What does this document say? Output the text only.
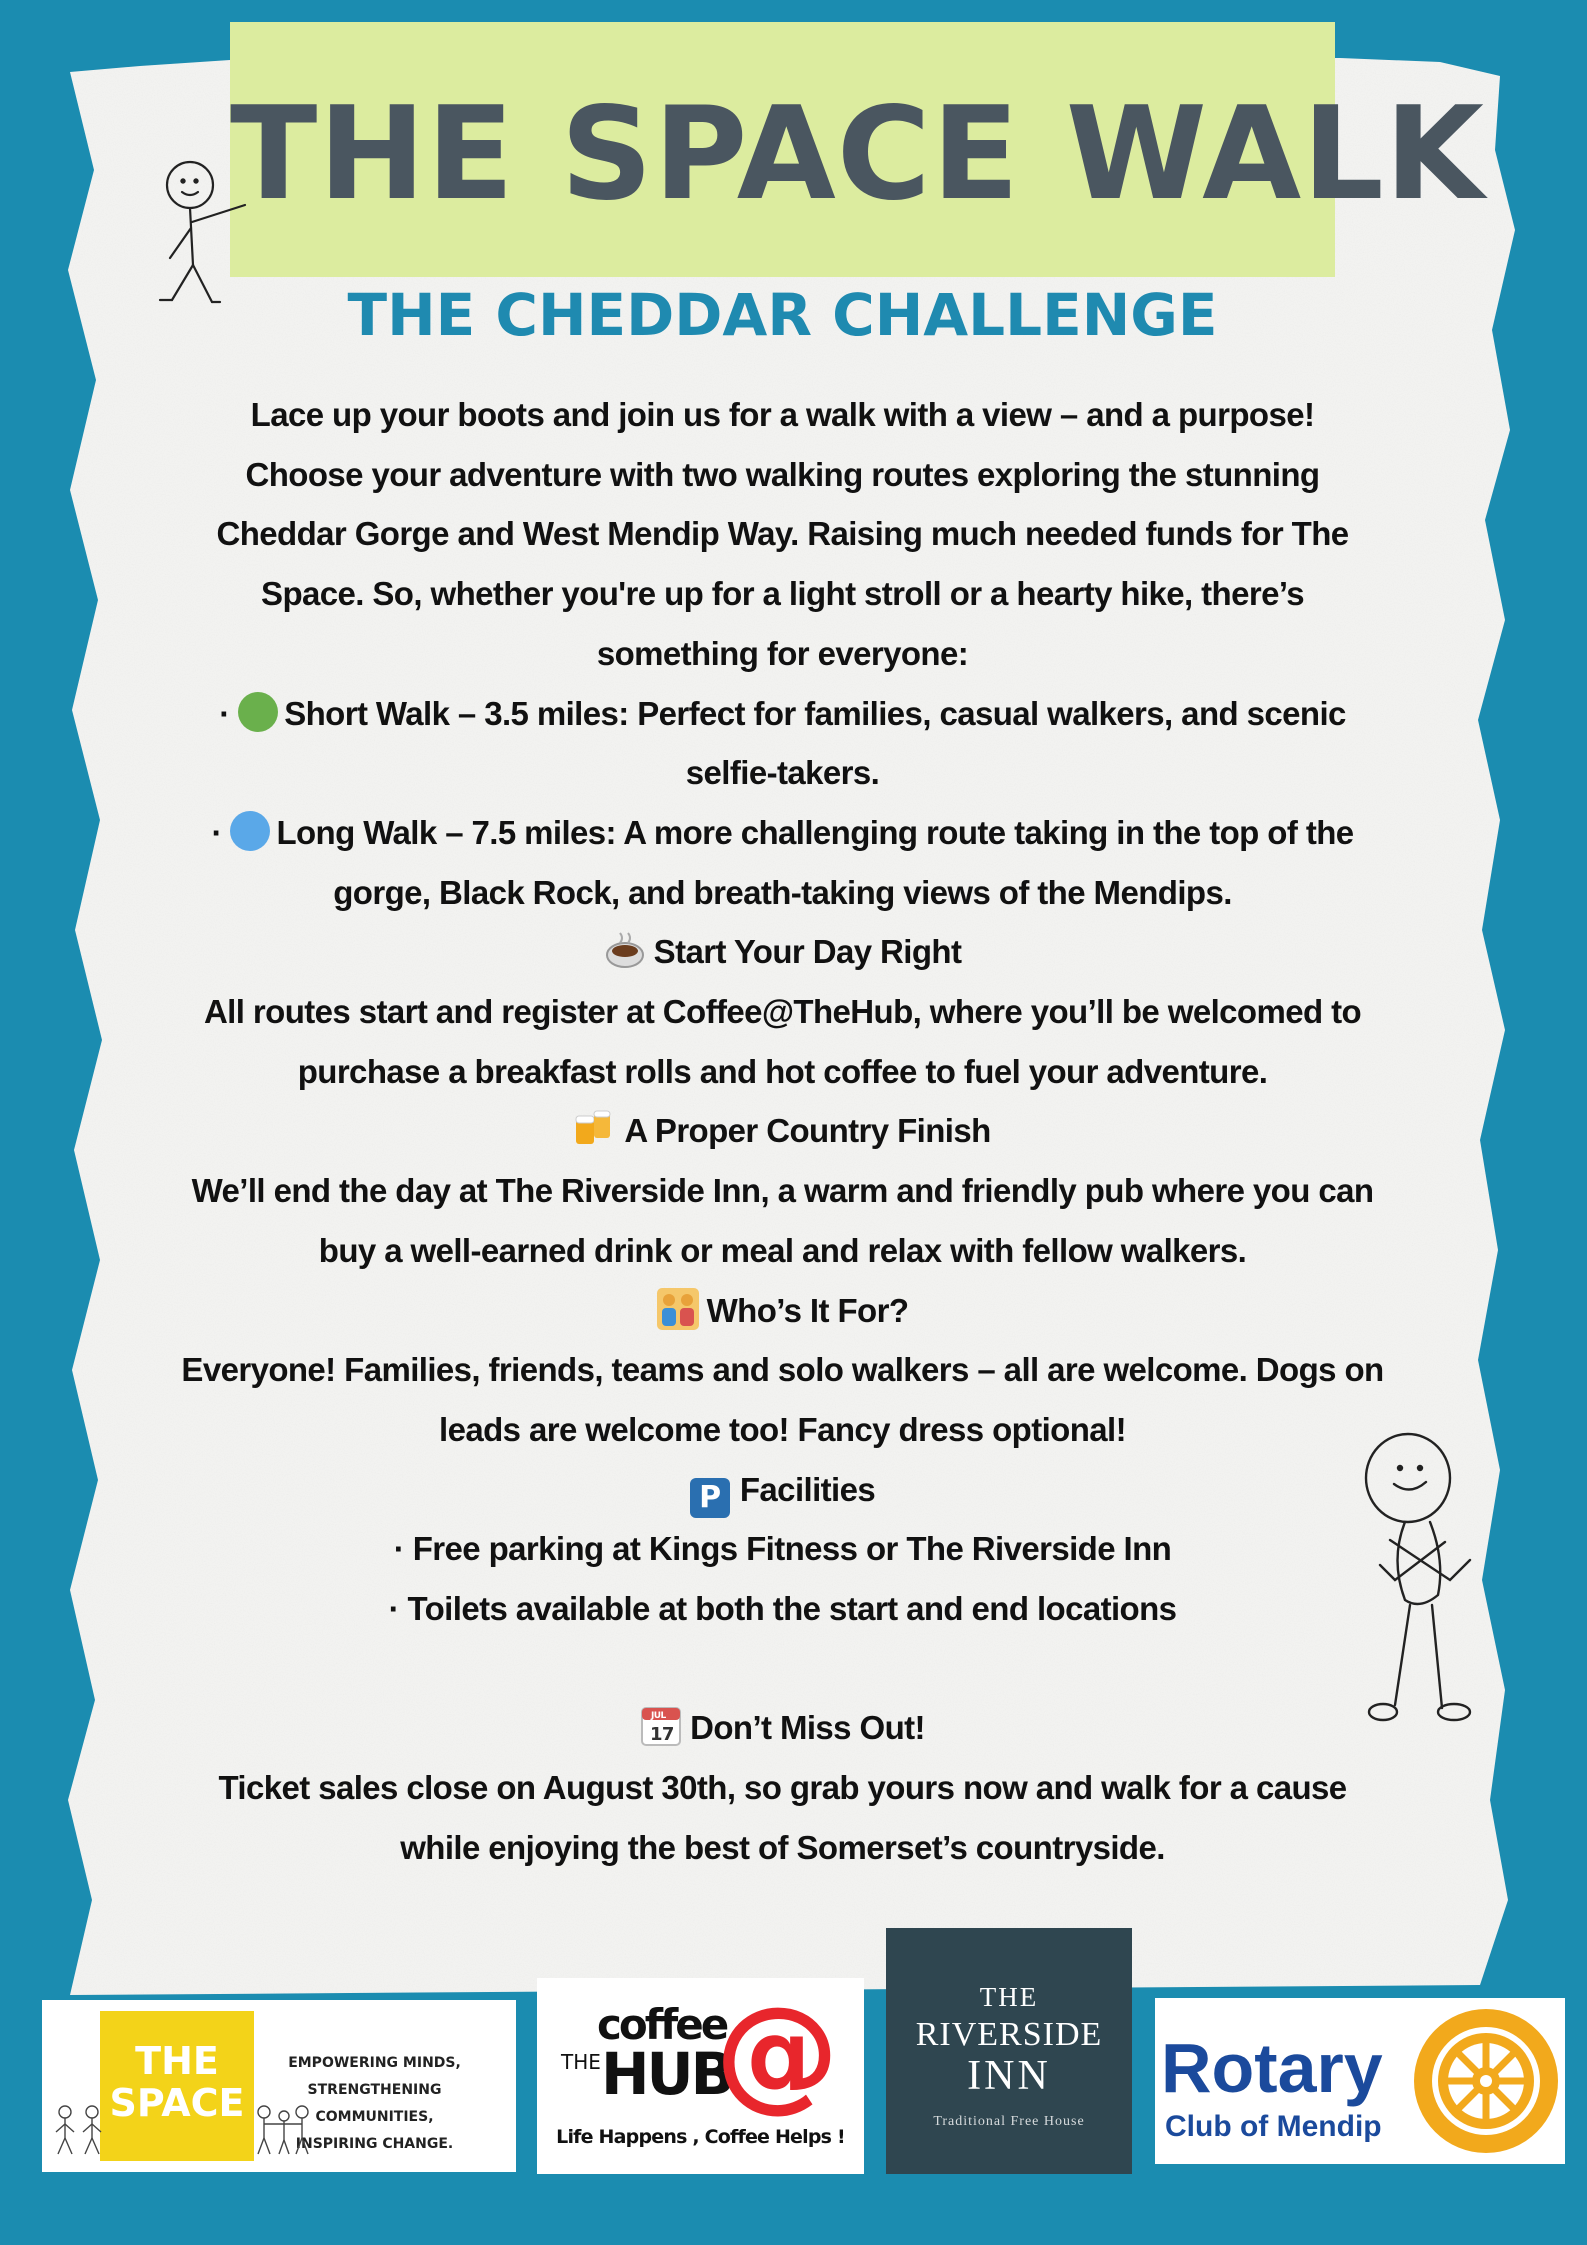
THE SPACE WALK
THE CHEDDAR CHALLENGE

Lace up your boots and join us for a walk with a view – and a purpose!

Choose your adventure with two walking routes exploring the stunning

Cheddar Gorge and West Mendip Way. Raising much needed funds for The

Space. So, whether you're up for a light stroll or a hearty hike, there’s

something for everyone:

· Short Walk – 3.5 miles: Perfect for families, casual walkers, and scenic

selfie-takers.

· Long Walk – 7.5 miles: A more challenging route taking in the top of the

gorge, Black Rock, and breath-taking views of the Mendips.

Start Your Day Right

All routes start and register at Coffee@TheHub, where you’ll be welcomed to

purchase a breakfast rolls and hot coffee to fuel your adventure.

A Proper Country Finish

We’ll end the day at The Riverside Inn, a warm and friendly pub where you can

buy a well-earned drink or meal and relax with fellow walkers.

Who’s It For?

Everyone! Families, friends, teams and solo walkers – all are welcome. Dogs on

leads are welcome too! Fancy dress optional!

P Facilities

· Free parking at Kings Fitness or The Riverside Inn

· Toilets available at both the start and end locations

JUL
17 Don’t Miss Out!

Ticket sales close on August 30th, so grab yours now and walk for a cause

while enjoying the best of Somerset’s countryside.

THE
SPACE
EMPOWERING MINDS,
STRENGTHENING COMMUNITIES,
INSPIRING CHANGE.
coffee
THE HUB
@
Life Happens , Coffee Helps !
THE
RIVERSIDE
INN
Traditional Free House
Rotary
Club of Mendip
